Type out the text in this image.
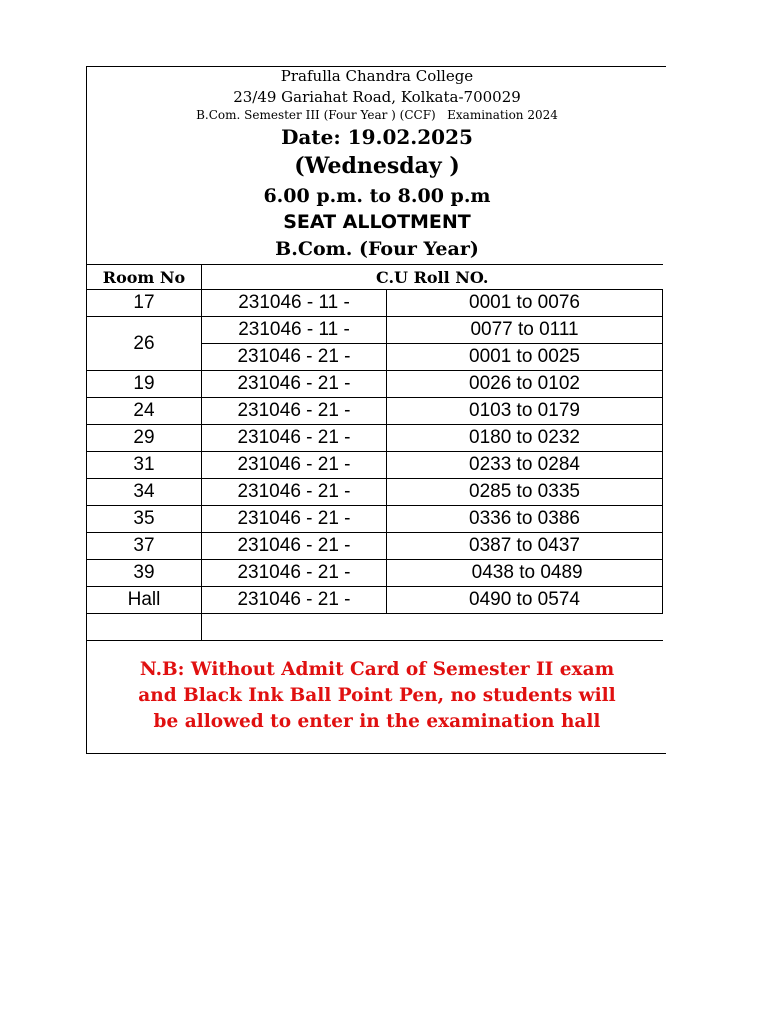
Prafulla Chandra College
23/49 Gariahat Road, Kolkata-700029
B.Com. Semester III (Four Year ) (CCF)   Examination 2024
Date: 19.02.2025
(Wednesday )
6.00 p.m. to 8.00 p.m
SEAT ALLOTMENT
B.Com. (Four Year)
Room No	C.U Roll NO.	
17	231046 - 11 -	0001 to 0076
26	231046 - 11 -	0077 to 0111
	231046 - 21 -	0001 to 0025
19	231046 - 21 -	0026 to 0102
24	231046 - 21 -	0103 to 0179
29	231046 - 21 -	0180 to 0232
31	231046 - 21 -	0233 to 0284
34	231046 - 21 -	0285 to 0335
35	231046 - 21 -	0336 to 0386
37	231046 - 21 -	0387 to 0437
39	231046 - 21 -	0438 to 0489
Hall	231046 - 21 -	0490 to 0574

N.B: Without Admit Card of Semester II exam
and Black Ink Ball Point Pen, no students will
be allowed to enter in the examination hall
